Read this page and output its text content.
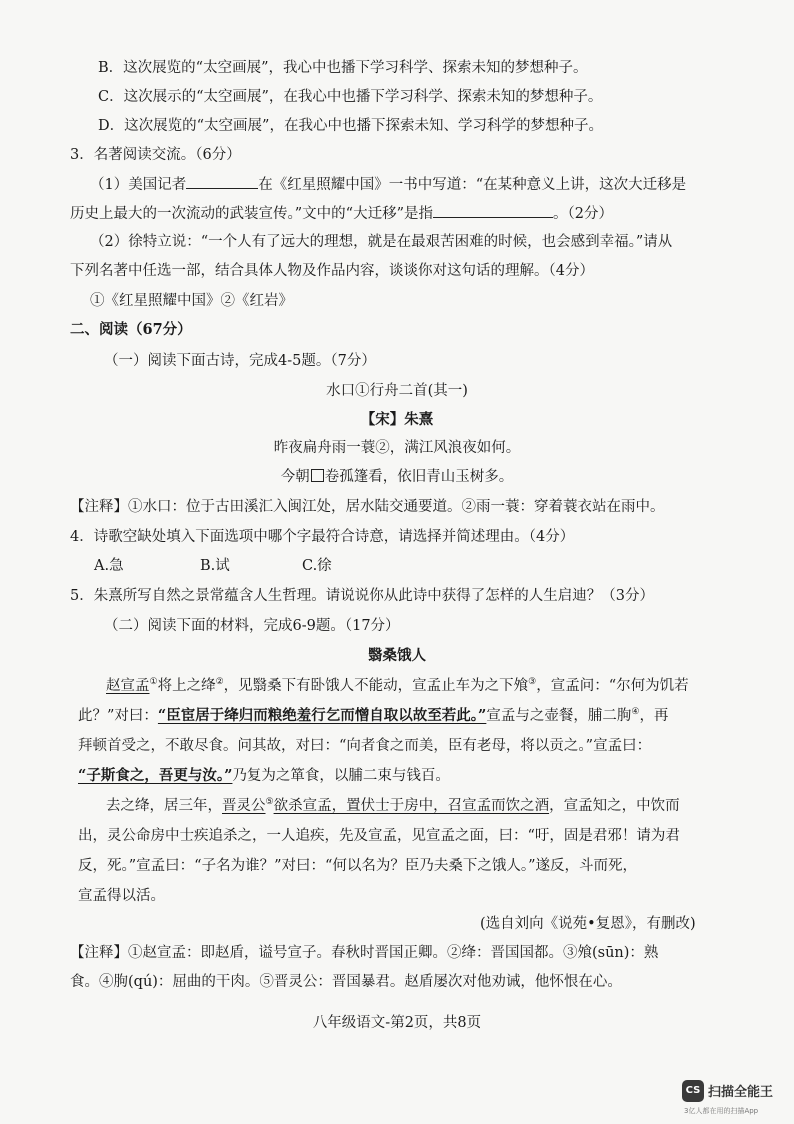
B．这次展览的“太空画展”，我心中也播下学习科学、探索未知的梦想种子。
C．这次展示的“太空画展”，在我心中也播下学习科学、探索未知的梦想种子。
D．这次展览的“太空画展”，在我心中也播下探索未知、学习科学的梦想种子。
3．名著阅读交流。（6分）
（1）美国记者	在《红星照耀中国》一书中写道：“在某种意义上讲，这次大迁移是
历史上最大的一次流动的武装宣传。”文中的“大迁移”是指	。（2分）
（2）徐特立说：“一个人有了远大的理想，就是在最艰苦困难的时候，也会感到幸福。”请从
下列名著中任选一部，结合具体人物及作品内容，谈谈你对这句话的理解。（4分）
①《红星照耀中国》②《红岩》
二、阅读（67分）
（一）阅读下面古诗，完成4-5题。（7分）
水口①行舟二首(其一)
【宋】朱熹
昨夜扁舟雨一蓑②，满江风浪夜如何。
今朝 卷孤篷看，依旧青山玉树多。
【注释】①水口：位于古田溪汇入闽江处，居水陆交通要道。②雨一蓑：穿着蓑衣站在雨中。
4．诗歌空缺处填入下面选项中哪个字最符合诗意，请选择并简述理由。（4分）
A.急	B.试	C.徐
5．朱熹所写自然之景常蕴含人生哲理。请说说你从此诗中获得了怎样的人生启迪？（3分）
（二）阅读下面的材料，完成6-9题。（17分）
翳桑饿人
赵宣孟①将上之绛②，见翳桑下有卧饿人不能动，宣孟止车为之下飧③，宣孟问：“尔何为饥若
此？”对曰：“臣宦居于绛归而粮绝羞行乞而憎自取以故至若此。”宣孟与之壶餐，脯二朐④，再
拜顿首受之，不敢尽食。问其故，对曰：“向者食之而美，臣有老母，将以贡之。”宣孟曰：
“子斯食之，吾更与汝。”乃复为之箪食，以脯二束与钱百。
去之绛，居三年，晋灵公⑤欲杀宣孟，置伏士于房中，召宣孟而饮之酒，宣孟知之，中饮而
出，灵公命房中士疾追杀之，一人追疾，先及宣孟，见宣孟之面，曰：“吁，固是君邪！请为君
反，死。”宣孟曰：“子名为谁？”对曰：“何以名为？臣乃夫桑下之饿人。”遂反，斗而死，
宣孟得以活。
(选自刘向《说苑•复恩》，有删改)
【注释】①赵宣孟：即赵盾，谥号宣子。春秋时晋国正卿。②绛：晋国国都。③飧(sūn)：熟
食。④朐(qú)：屈曲的干肉。⑤晋灵公：晋国暴君。赵盾屡次对他劝诫，他怀恨在心。
八年级语文-第2页，共8页
CS 扫描全能王
3亿人都在用的扫描App
